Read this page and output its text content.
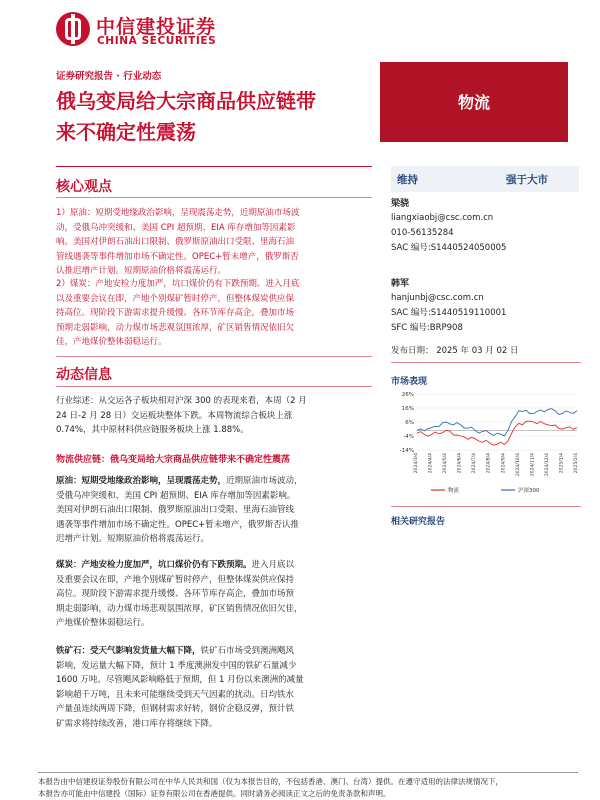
中信建投证券
CHINA SECURITIES
证券研究报告 · 行业动态
俄乌变局给大宗商品供应链带
来不确定性震荡
物流
核心观点
1）原油：短期受地缘政治影响，呈现震荡走势，近期原油市场波
动，受俄乌冲突缓和、美国 CPI 超预期、EIA 库存增加等因素影
响。美国对伊朗石油出口限制、俄罗斯原油出口受限、里海石油
管线遇袭等事件增加市场不确定性。OPEC+暂未增产，俄罗斯否
认推迟增产计划。短期原油价格将震荡运行。
2）煤炭：产地安检力度加严，坑口煤价仍有下跌预期。进入月底
以及重要会议在即，产地个别煤矿暂时停产，但整体煤炭供应保
持高位。现阶段下游需求提升缓慢、各环节库存高企，叠加市场
预期走弱影响，动力煤市场悲观氛围浓厚，矿区销售情况依旧欠
佳，产地煤价整体弱稳运行。
动态信息
行业综述：从交运各子板块相对沪深 300 的表现来看，本周（2 月
24 日-2 月 28 日）交运板块整体下跌。本周物流综合板块上涨
0.74%，其中原材料供应链服务板块上涨 1.88%。
物流供应链：俄乌变局给大宗商品供应链带来不确定性震荡
原油：短期受地缘政治影响，呈现震荡走势，近期原油市场波动，
受俄乌冲突缓和、美国 CPI 超预期、EIA 库存增加等因素影响。
美国对伊朗石油出口限制、俄罗斯原油出口受限、里海石油管线
遇袭等事件增加市场不确定性。OPEC+暂未增产，俄罗斯否认推
迟增产计划。短期原油价格将震荡运行。
煤炭：产地安检力度加严，坑口煤价仍有下跌预期。进入月底以
及重要会议在即，产地个别煤矿暂时停产，但整体煤炭供应保持
高位。现阶段下游需求提升缓慢、各环节库存高企，叠加市场预
期走弱影响，动力煤市场悲观氛围浓厚，矿区销售情况依旧欠佳，
产地煤价整体弱稳运行。
铁矿石：受天气影响发货量大幅下降，铁矿石市场受到澳洲飓风
影响，发运量大幅下降，预计 1 季度澳洲发中国的铁矿石量减少
1600 万吨。尽管飓风影响略低于预期，但 1 月份以来澳洲的减量
影响超千万吨，且未来可能继续受到天气因素的扰动。日均铁水
产量虽连续两周下降，但钢材需求好转，钢价企稳反弹，预计铁
矿需求将持续改善，港口库存将继续下降。
维持	强于大市
梁骁
liangxiaobj@csc.com.cn
010-56135284
SAC 编号:S1440524050005
韩军
hanjunbj@csc.com.cn
SAC 编号:S1440519110001
SFC 编号:BRP908
发布日期： 2025 年 03 月 02 日
市场表现
26%
16%
6%
-4%
-14%
2024/3/4 2024/4/4 2024/5/4 2024/6/4 2024/7/4 2024/8/4 2024/9/4 2024/10/4 2024/11/4 2024/12/4 2025/1/4 2025/2/4
物流	沪深300
相关研究报告
本报告由中信建投证券股份有限公司在中华人民共和国（仅为本报告目的，不包括香港、澳门、台湾）提供。在遵守适用的法律法规情况下，
本报告亦可能由中信建投（国际）证券有限公司在香港提供。同时请务必阅读正文之后的免责条款和声明。
